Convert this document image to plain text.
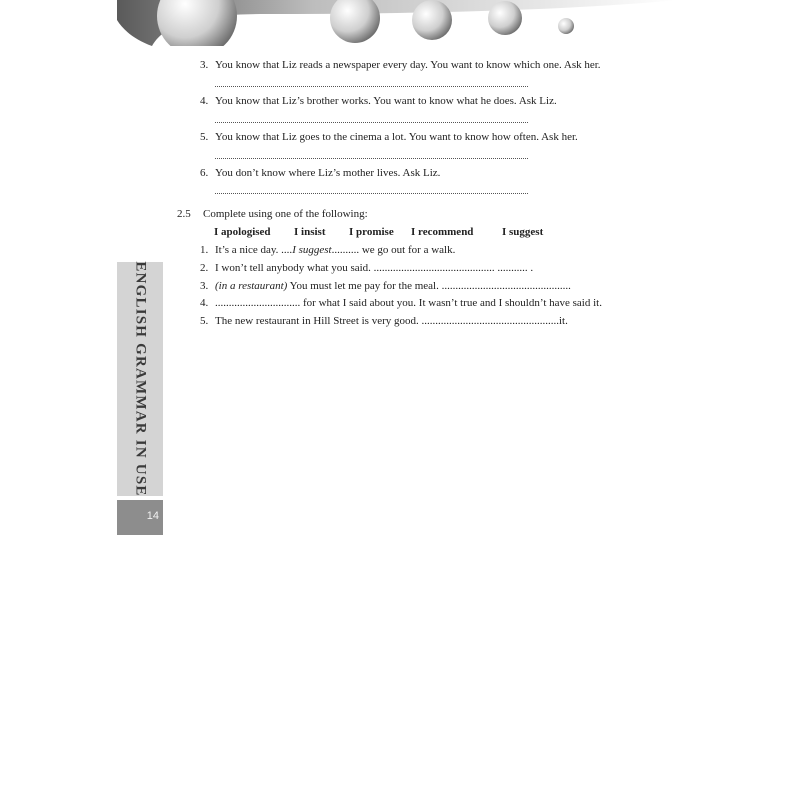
ENGLISH GRAMMAR IN USE
14
3. You know that Liz reads a newspaper every day. You want to know which one. Ask her.
4. You know that Liz’s brother works. You want to know what he does. Ask Liz.
5. You know that Liz goes to the cinema a lot. You want to know how often. Ask her.
6. You don’t know where Liz’s mother lives. Ask Liz.
2.5 Complete using one of the following:
I apologised I insist I promise I recommend	I suggest
1. It’s a nice day. ....I suggest.......... we go out for a walk.
2. I won’t tell anybody what you said. ............................................ ........... .
3. (in a restaurant) You must let me pay for the meal. ...............................................
4. ............................... for what I said about you. It wasn’t true and I shouldn’t have said it.
5. The new restaurant in Hill Street is very good. ..................................................it.
